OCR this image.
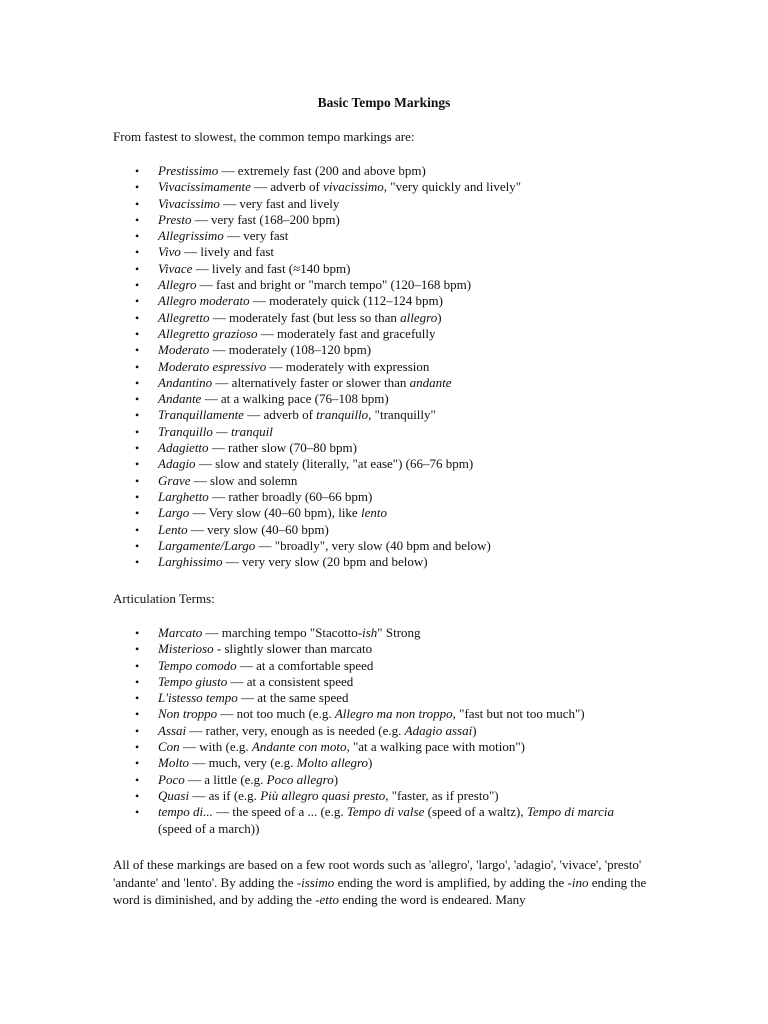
Basic Tempo Markings
From fastest to slowest, the common tempo markings are:
• Prestissimo — extremely fast (200 and above bpm)
• Vivacissimamente — adverb of vivacissimo, "very quickly and lively"
• Vivacissimo — very fast and lively
• Presto — very fast (168–200 bpm)
• Allegrissimo — very fast
• Vivo — lively and fast
• Vivace — lively and fast (≈140 bpm)
• Allegro — fast and bright or "march tempo" (120–168 bpm)
• Allegro moderato — moderately quick (112–124 bpm)
• Allegretto — moderately fast (but less so than allegro)
• Allegretto grazioso — moderately fast and gracefully
• Moderato — moderately (108–120 bpm)
• Moderato espressivo — moderately with expression
• Andantino — alternatively faster or slower than andante
• Andante — at a walking pace (76–108 bpm)
• Tranquillamente — adverb of tranquillo, "tranquilly"
• Tranquillo — tranquil
• Adagietto — rather slow (70–80 bpm)
• Adagio — slow and stately (literally, "at ease") (66–76 bpm)
• Grave — slow and solemn
• Larghetto — rather broadly (60–66 bpm)
• Largo — Very slow (40–60 bpm), like lento
• Lento — very slow (40–60 bpm)
• Largamente/Largo — "broadly", very slow (40 bpm and below)
• Larghissimo — very very slow (20 bpm and below)
Articulation Terms:
• Marcato — marching tempo "Stacotto-ish" Strong
• Misterioso - slightly slower than marcato
• Tempo comodo — at a comfortable speed
• Tempo giusto — at a consistent speed
• L'istesso tempo — at the same speed
• Non troppo — not too much (e.g. Allegro ma non troppo, "fast but not too much")
• Assai — rather, very, enough as is needed (e.g. Adagio assai)
• Con — with (e.g. Andante con moto, "at a walking pace with motion")
• Molto — much, very (e.g. Molto allegro)
• Poco — a little (e.g. Poco allegro)
• Quasi — as if (e.g. Più allegro quasi presto, "faster, as if presto")
• tempo di... — the speed of a ... (e.g. Tempo di valse (speed of a waltz), Tempo di marcia (speed of a march))
All of these markings are based on a few root words such as 'allegro', 'largo', 'adagio', 'vivace', 'presto' 'andante' and 'lento'. By adding the -issimo ending the word is amplified, by adding the -ino ending the word is diminished, and by adding the -etto ending the word is endeared. Many
